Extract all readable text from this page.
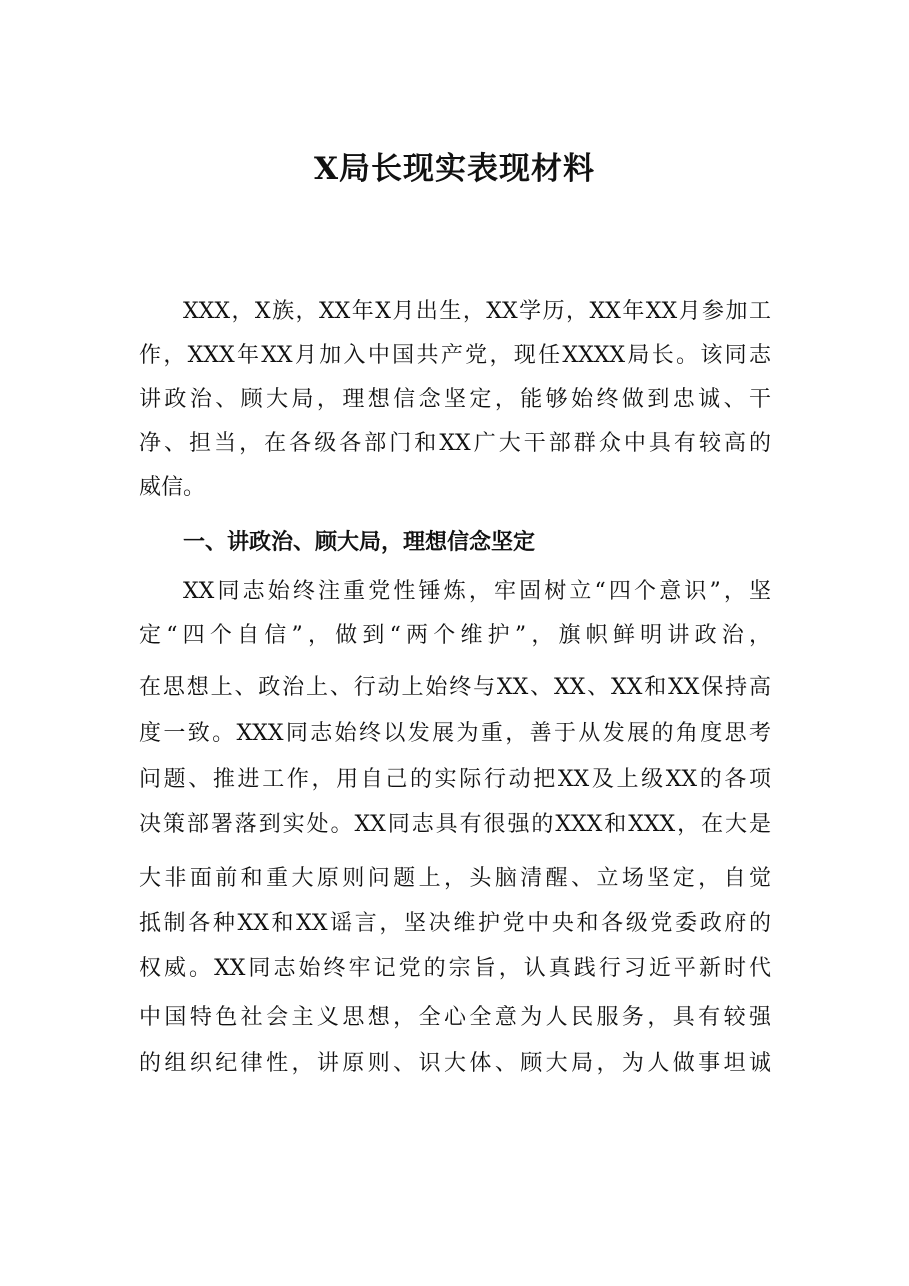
X局长现实表现材料

XXX，X族，XX年X月出生，XX学历，XX年XX月参加工

作，XXX年XX月加入中国共产党，现任XXXX局长。该同志

讲政治、顾大局，理想信念坚定，能够始终做到忠诚、干

净、担当，在各级各部门和XX广大干部群众中具有较高的

威信。

一、讲政治、顾大局，理想信念坚定

XX同志始终注重党性锤炼，牢固树立“四个意识”，坚

定“四个自信”，做到“两个维护”，旗帜鲜明讲政治，

在思想上、政治上、行动上始终与XX、XX、XX和XX保持高

度一致。XXX同志始终以发展为重，善于从发展的角度思考

问题、推进工作，用自己的实际行动把XX及上级XX的各项

决策部署落到实处。XX同志具有很强的XXX和XXX，在大是

大非面前和重大原则问题上，头脑清醒、立场坚定，自觉

抵制各种XX和XX谣言，坚决维护党中央和各级党委政府的

权威。XX同志始终牢记党的宗旨，认真践行习近平新时代

中国特色社会主义思想，全心全意为人民服务，具有较强

的组织纪律性，讲原则、识大体、顾大局，为人做事坦诚
